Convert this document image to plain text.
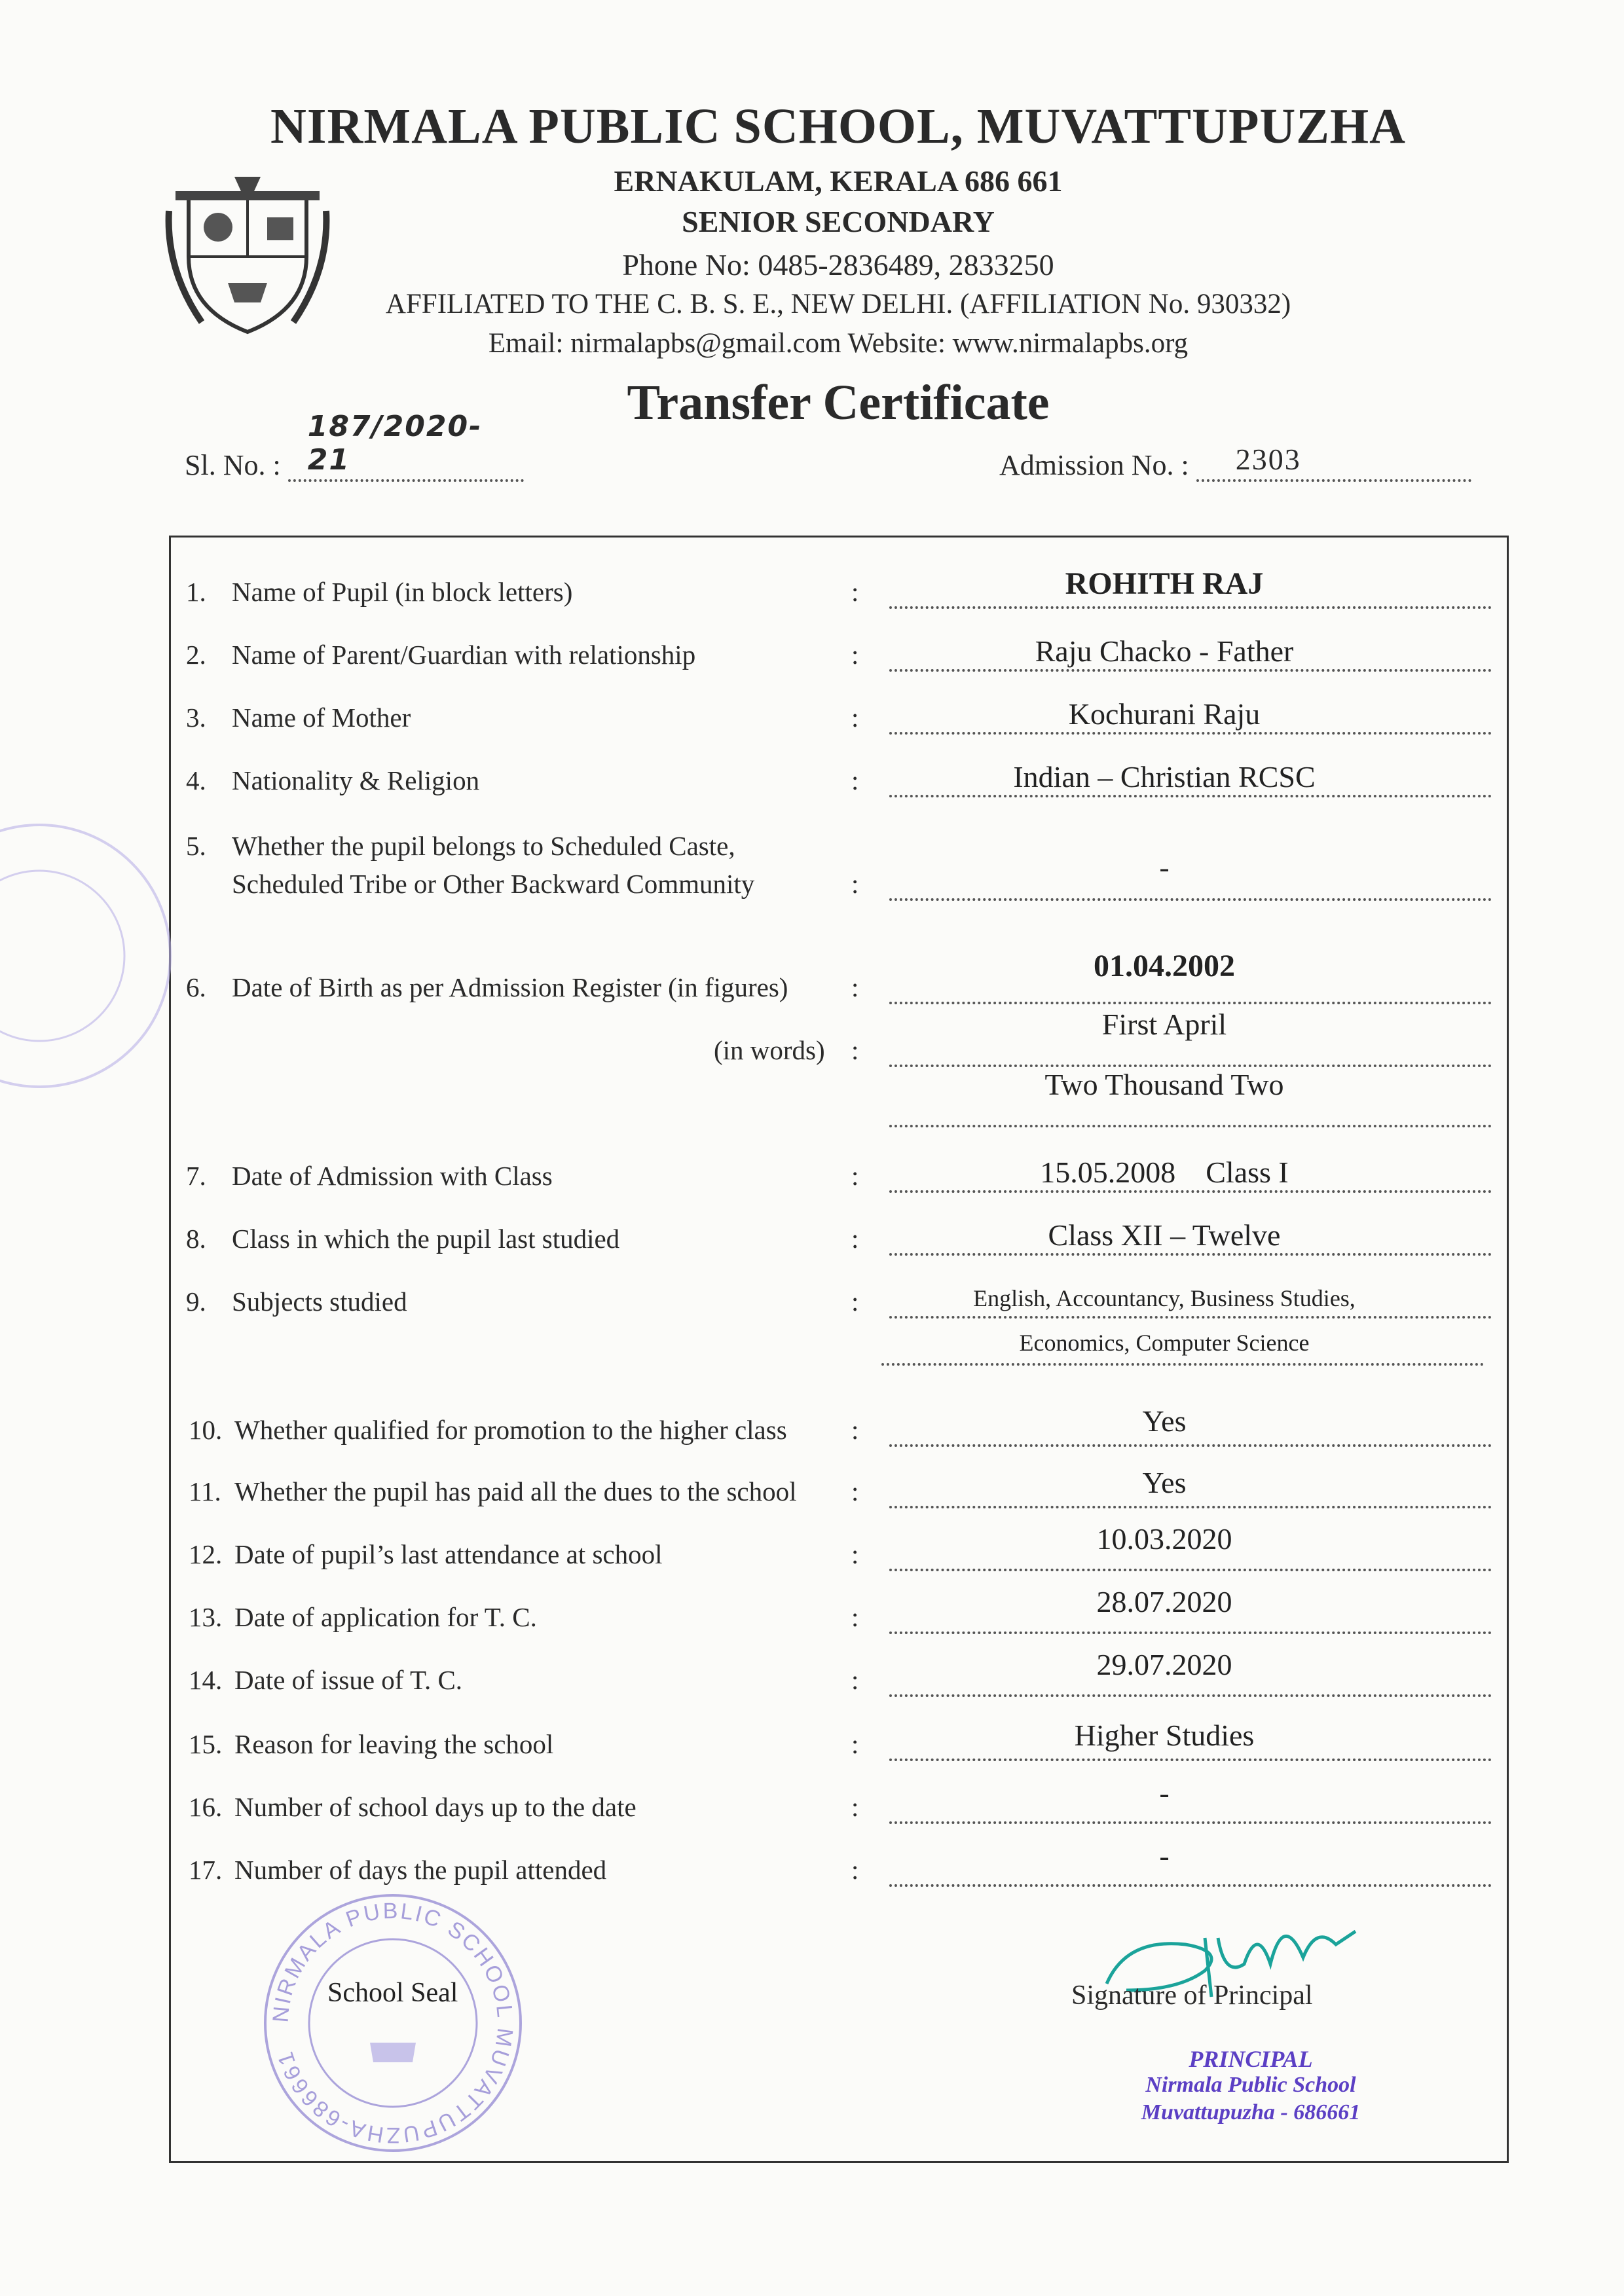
NIRMALA PUBLIC SCHOOL, MUVATTUPUZHA
ERNAKULAM, KERALA 686 661
SENIOR SECONDARY
Phone No: 0485-2836489, 2833250
AFFILIATED TO THE C. B. S. E., NEW DELHI. (AFFILIATION No. 930332)
Email: nirmalapbs@gmail.com Website: www.nirmalapbs.org
Transfer Certificate
Sl. No. :
187/2020-21	Admission No. : 2303
1. Name of Pupil (in block letters)	:	ROHITH RAJ
2. Name of Parent/Guardian with relationship	:	Raju Chacko - Father
3. Name of Mother	:	Kochurani Raju
4. Nationality & Religion	:	Indian – Christian RCSC
5. Whether the pupil belongs to Scheduled Caste,
Scheduled Tribe or Other Backward Community	:	-
6. Date of Birth as per Admission Register (in figures) :
01.04.2002
(in words) :
First April
Two Thousand Two
7. Date of Admission with Class	:	15.05.2008    Class I
8. Class in which the pupil last studied	:	Class XII – Twelve
9. Subjects studied	:	English, Accountancy, Business Studies,
Economics, Computer Science
10. Whether qualified for promotion to the higher class :	Yes
11. Whether the pupil has paid all the dues to the school :	Yes
12. Date of pupil’s last attendance at school	:	10.03.2020
13. Date of application for T. C.	:	28.07.2020
14. Date of issue of T. C.	:	29.07.2020
15. Reason for leaving the school	:	Higher Studies
16. Number of school days up to the date	:	-
17. Number of days the pupil attended	:	-
NIRMALA PUBLIC SCHOOL MUVATTUPUZHA-686661
School Seal	Signature of Principal
PRINCIPAL
Nirmala Public School
Muvattupuzha - 686661
